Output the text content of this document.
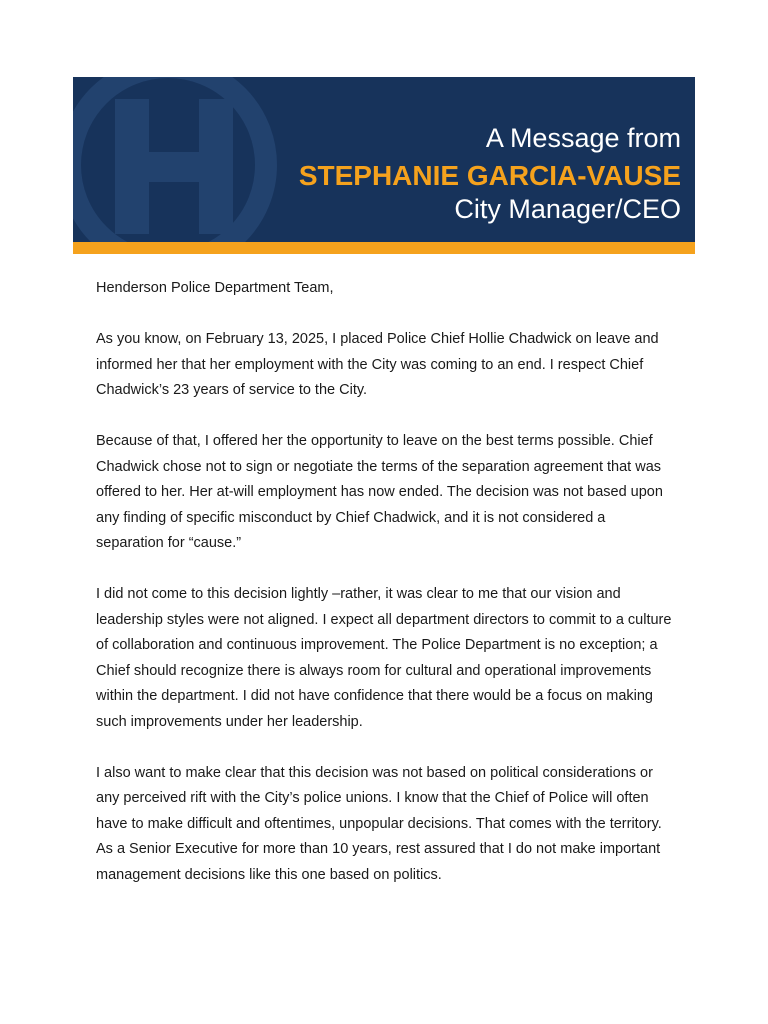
A Message from
STEPHANIE GARCIA-VAUSE
City Manager/CEO

Henderson Police Department Team,

As you know, on February 13, 2025, I placed Police Chief Hollie Chadwick on leave and informed her that her employment with the City was coming to an end. I respect Chief Chadwick’s 23 years of service to the City.

Because of that, I offered her the opportunity to leave on the best terms possible. Chief Chadwick chose not to sign or negotiate the terms of the separation agreement that was offered to her. Her at-will employment has now ended. The decision was not based upon any finding of specific misconduct by Chief Chadwick, and it is not considered a separation for “cause.”

I did not come to this decision lightly –rather, it was clear to me that our vision and leadership styles were not aligned. I expect all department directors to commit to a culture of collaboration and continuous improvement. The Police Department is no exception; a Chief should recognize there is always room for cultural and operational improvements within the department. I did not have confidence that there would be a focus on making such improvements under her leadership.

I also want to make clear that this decision was not based on political considerations or any perceived rift with the City’s police unions. I know that the Chief of Police will often have to make difficult and oftentimes, unpopular decisions. That comes with the territory. As a Senior Executive for more than 10 years, rest assured that I do not make important management decisions like this one based on politics.
